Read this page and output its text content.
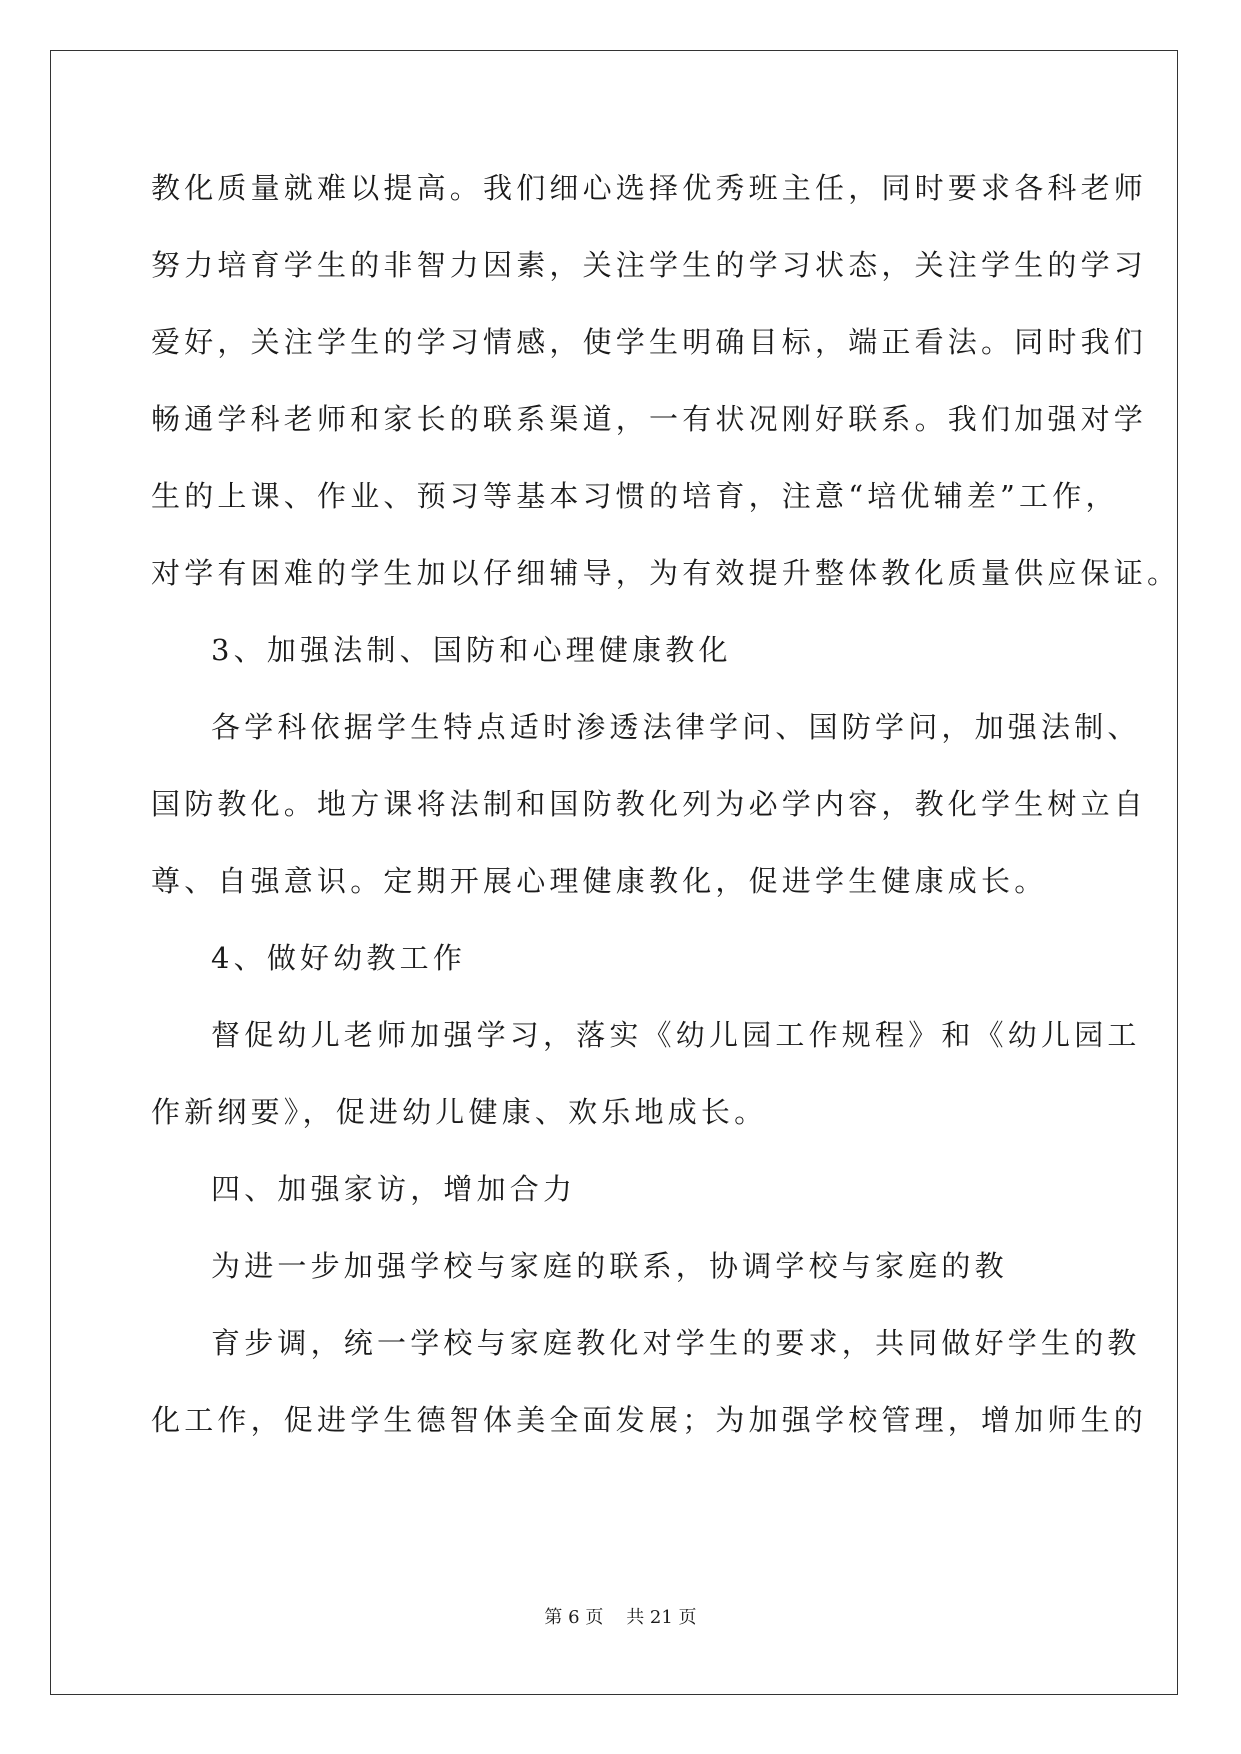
教化质量就难以提高。我们细心选择优秀班主任，同时要求各科老师
努力培育学生的非智力因素，关注学生的学习状态，关注学生的学习
爱好，关注学生的学习情感，使学生明确目标，端正看法。同时我们
畅通学科老师和家长的联系渠道，一有状况刚好联系。我们加强对学
生的上课、作业、预习等基本习惯的培育，注意“培优辅差”工作，
对学有困难的学生加以仔细辅导，为有效提升整体教化质量供应保证。
3、加强法制、国防和心理健康教化
各学科依据学生特点适时渗透法律学问、国防学问，加强法制、
国防教化。地方课将法制和国防教化列为必学内容，教化学生树立自
尊、自强意识。定期开展心理健康教化，促进学生健康成长。
4、做好幼教工作
督促幼儿老师加强学习，落实《幼儿园工作规程》和《幼儿园工
作新纲要》，促进幼儿健康、欢乐地成长。
四、加强家访，增加合力
为进一步加强学校与家庭的联系，协调学校与家庭的教
育步调，统一学校与家庭教化对学生的要求，共同做好学生的教
化工作，促进学生德智体美全面发展；为加强学校管理，增加师生的
第 6 页    共 21 页
